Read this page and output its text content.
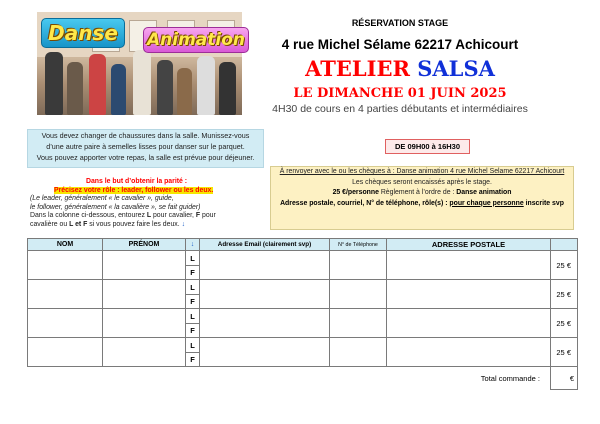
Danse	Animation
RÉSERVATION STAGE
4 rue Michel Sélame 62217 Achicourt
ATELIER SALSA
LE DIMANCHE 01 JUIN 2025
4H30 de cours en 4 parties débutants et intermédiaires
Vous devez changer de chaussures dans la salle. Munissez-vous
d’une autre paire à semelles lisses pour danser sur le parquet.
Vous pouvez apporter votre repas, la salle est prévue pour déjeuner.
DE 09H00 à 16H30
Dans le but d’obtenir la parité :
Précisez votre rôle : leader, follower ou les deux.
(Le leader, généralement « le cavalier », guide,
le follower, généralement « la cavalière », se fait guider)
Dans la colonne ci-dessous, entourez L pour cavalier, F pour
cavalière ou L et F si vous pouvez faire les deux. ↓
À renvoyer avec le ou les chèques à : Danse animation 4 rue Michel Selame 62217 Achicourt
Les chèques seront encaissés après le stage.
25 €/personne Règlement à l’ordre de : Danse animation
Adresse postale, courriel, N° de téléphone, rôle(s) : pour chaque personne inscrite svp
NOM	PRÉNOM	↓	Adresse Email (clairement svp)	N° de Téléphone	ADRESSE POSTALE	
		L				25 €
		F				
		L				25 €
		F				
		L				25 €
		F				
		L				25 €
		F				
Total commande :						€
